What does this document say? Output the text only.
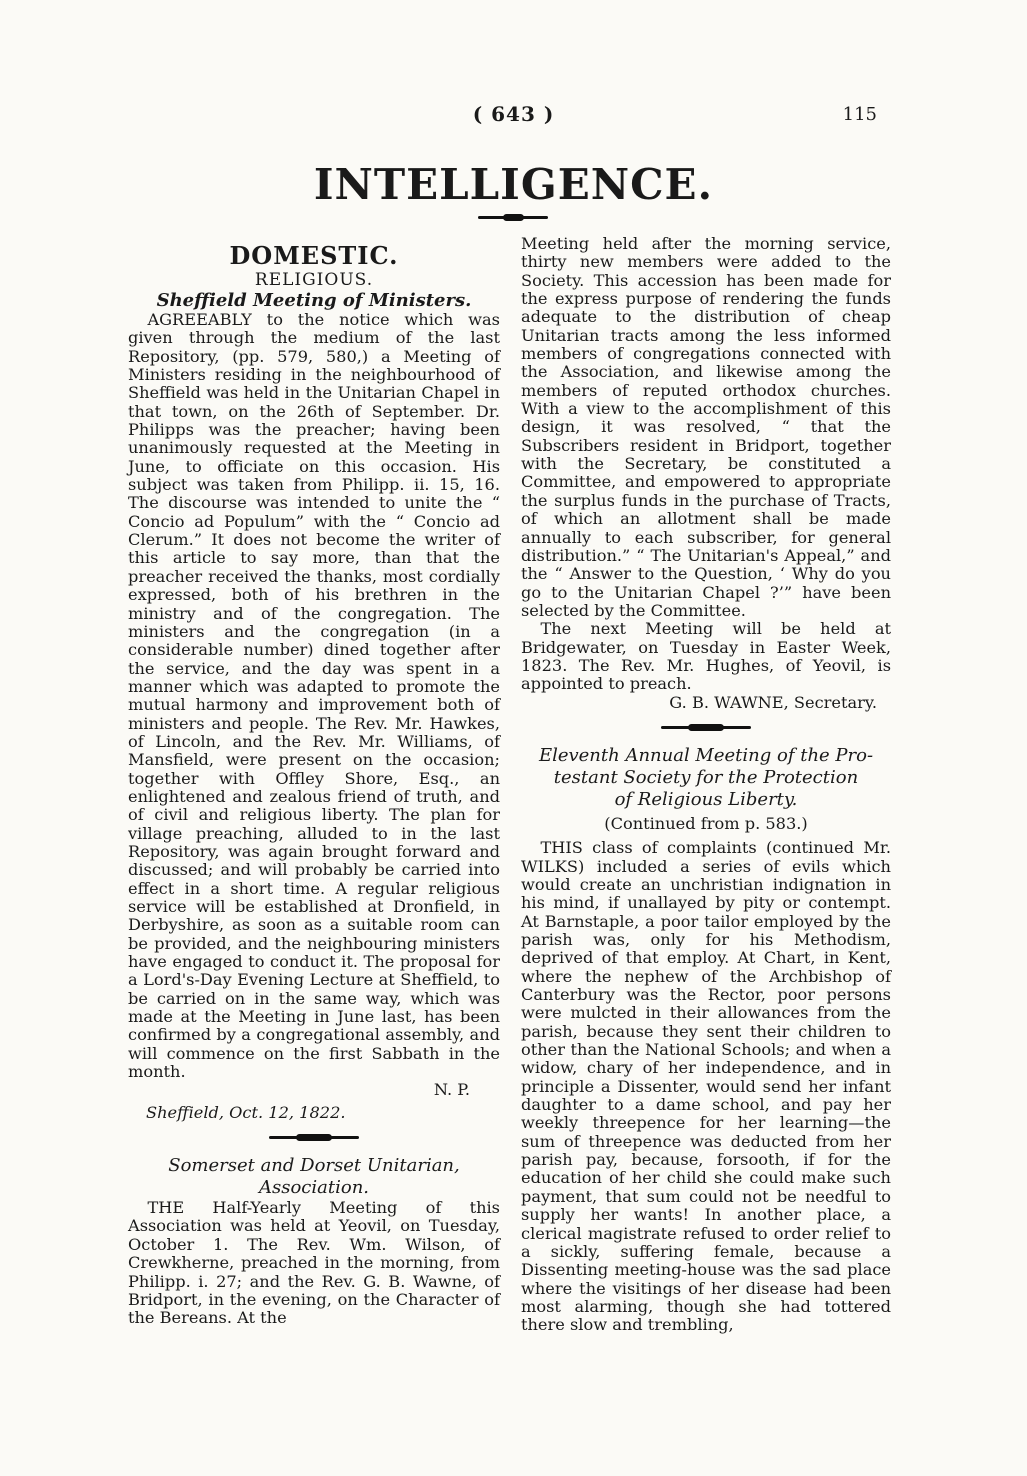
( 643 )	115
INTELLIGENCE.

DOMESTIC.

RELIGIOUS.

Sheffield Meeting of Ministers.

AGREEABLY to the notice which was given through the medium of the last Repository, (pp. 579, 580,) a Meeting of Ministers residing in the neighbourhood of Sheffield was held in the Unitarian Chapel in that town, on the 26th of September. Dr. Philipps was the preacher; having been unanimously requested at the Meeting in June, to officiate on this occasion. His subject was taken from Philipp. ii. 15, 16. The discourse was intended to unite the “ Concio ad Populum” with the “ Concio ad Clerum.” It does not become the writer of this article to say more, than that the preacher received the thanks, most cordially expressed, both of his brethren in the ministry and of the congregation. The ministers and the congregation (in a considerable number) dined together after the service, and the day was spent in a manner which was adapted to promote the mutual harmony and improvement both of ministers and people. The Rev. Mr. Hawkes, of Lincoln, and the Rev. Mr. Williams, of Mansfield, were present on the occasion; together with Offley Shore, Esq., an enlightened and zealous friend of truth, and of civil and religious liberty. The plan for village preaching, alluded to in the last Repository, was again brought forward and discussed; and will probably be carried into effect in a short time. A regular religious service will be established at Dronfield, in Derbyshire, as soon as a suitable room can be provided, and the neighbouring ministers have engaged to conduct it. The proposal for a Lord's-Day Evening Lecture at Sheffield, to be carried on in the same way, which was made at the Meeting in June last, has been confirmed by a congregational assembly, and will commence on the first Sabbath in the month.

N. P.

Sheffield, Oct. 12, 1822.

Somerset and Dorset Unitarian,
Association.

THE Half-Yearly Meeting of this Association was held at Yeovil, on Tuesday, October 1. The Rev. Wm. Wilson, of Crewkherne, preached in the morning, from Philipp. i. 27; and the Rev. G. B. Wawne, of Bridport, in the evening, on the Character of the Bereans. At the

Meeting held after the morning service, thirty new members were added to the Society. This accession has been made for the express purpose of rendering the funds adequate to the distribution of cheap Unitarian tracts among the less informed members of congregations connected with the Association, and likewise among the members of reputed orthodox churches. With a view to the accomplishment of this design, it was resolved, “ that the Subscribers resident in Bridport, together with the Secretary, be constituted a Committee, and empowered to appropriate the surplus funds in the purchase of Tracts, of which an allotment shall be made annually to each subscriber, for general distribution.” “ The Unitarian's Appeal,” and the “ Answer to the Question, ‘ Why do you go to the Unitarian Chapel ?’” have been selected by the Committee.

The next Meeting will be held at Bridgewater, on Tuesday in Easter Week, 1823. The Rev. Mr. Hughes, of Yeovil, is appointed to preach.

G. B. WAWNE, Secretary.

Eleventh Annual Meeting of the Pro-
testant Society for the Protection
of Religious Liberty.

(Continued from p. 583.)

THIS class of complaints (continued Mr. WILKS) included a series of evils which would create an unchristian indignation in his mind, if unallayed by pity or contempt. At Barnstaple, a poor tailor employed by the parish was, only for his Methodism, deprived of that employ. At Chart, in Kent, where the nephew of the Archbishop of Canterbury was the Rector, poor persons were mulcted in their allowances from the parish, because they sent their children to other than the National Schools; and when a widow, chary of her independence, and in principle a Dissenter, would send her infant daughter to a dame school, and pay her weekly threepence for her learning—the sum of threepence was deducted from her parish pay, because, forsooth, if for the education of her child she could make such payment, that sum could not be needful to supply her wants! In another place, a clerical magistrate refused to order relief to a sickly, suffering female, because a Dissenting meeting-house was the sad place where the visitings of her disease had been most alarming, though she had tottered there slow and trembling,
